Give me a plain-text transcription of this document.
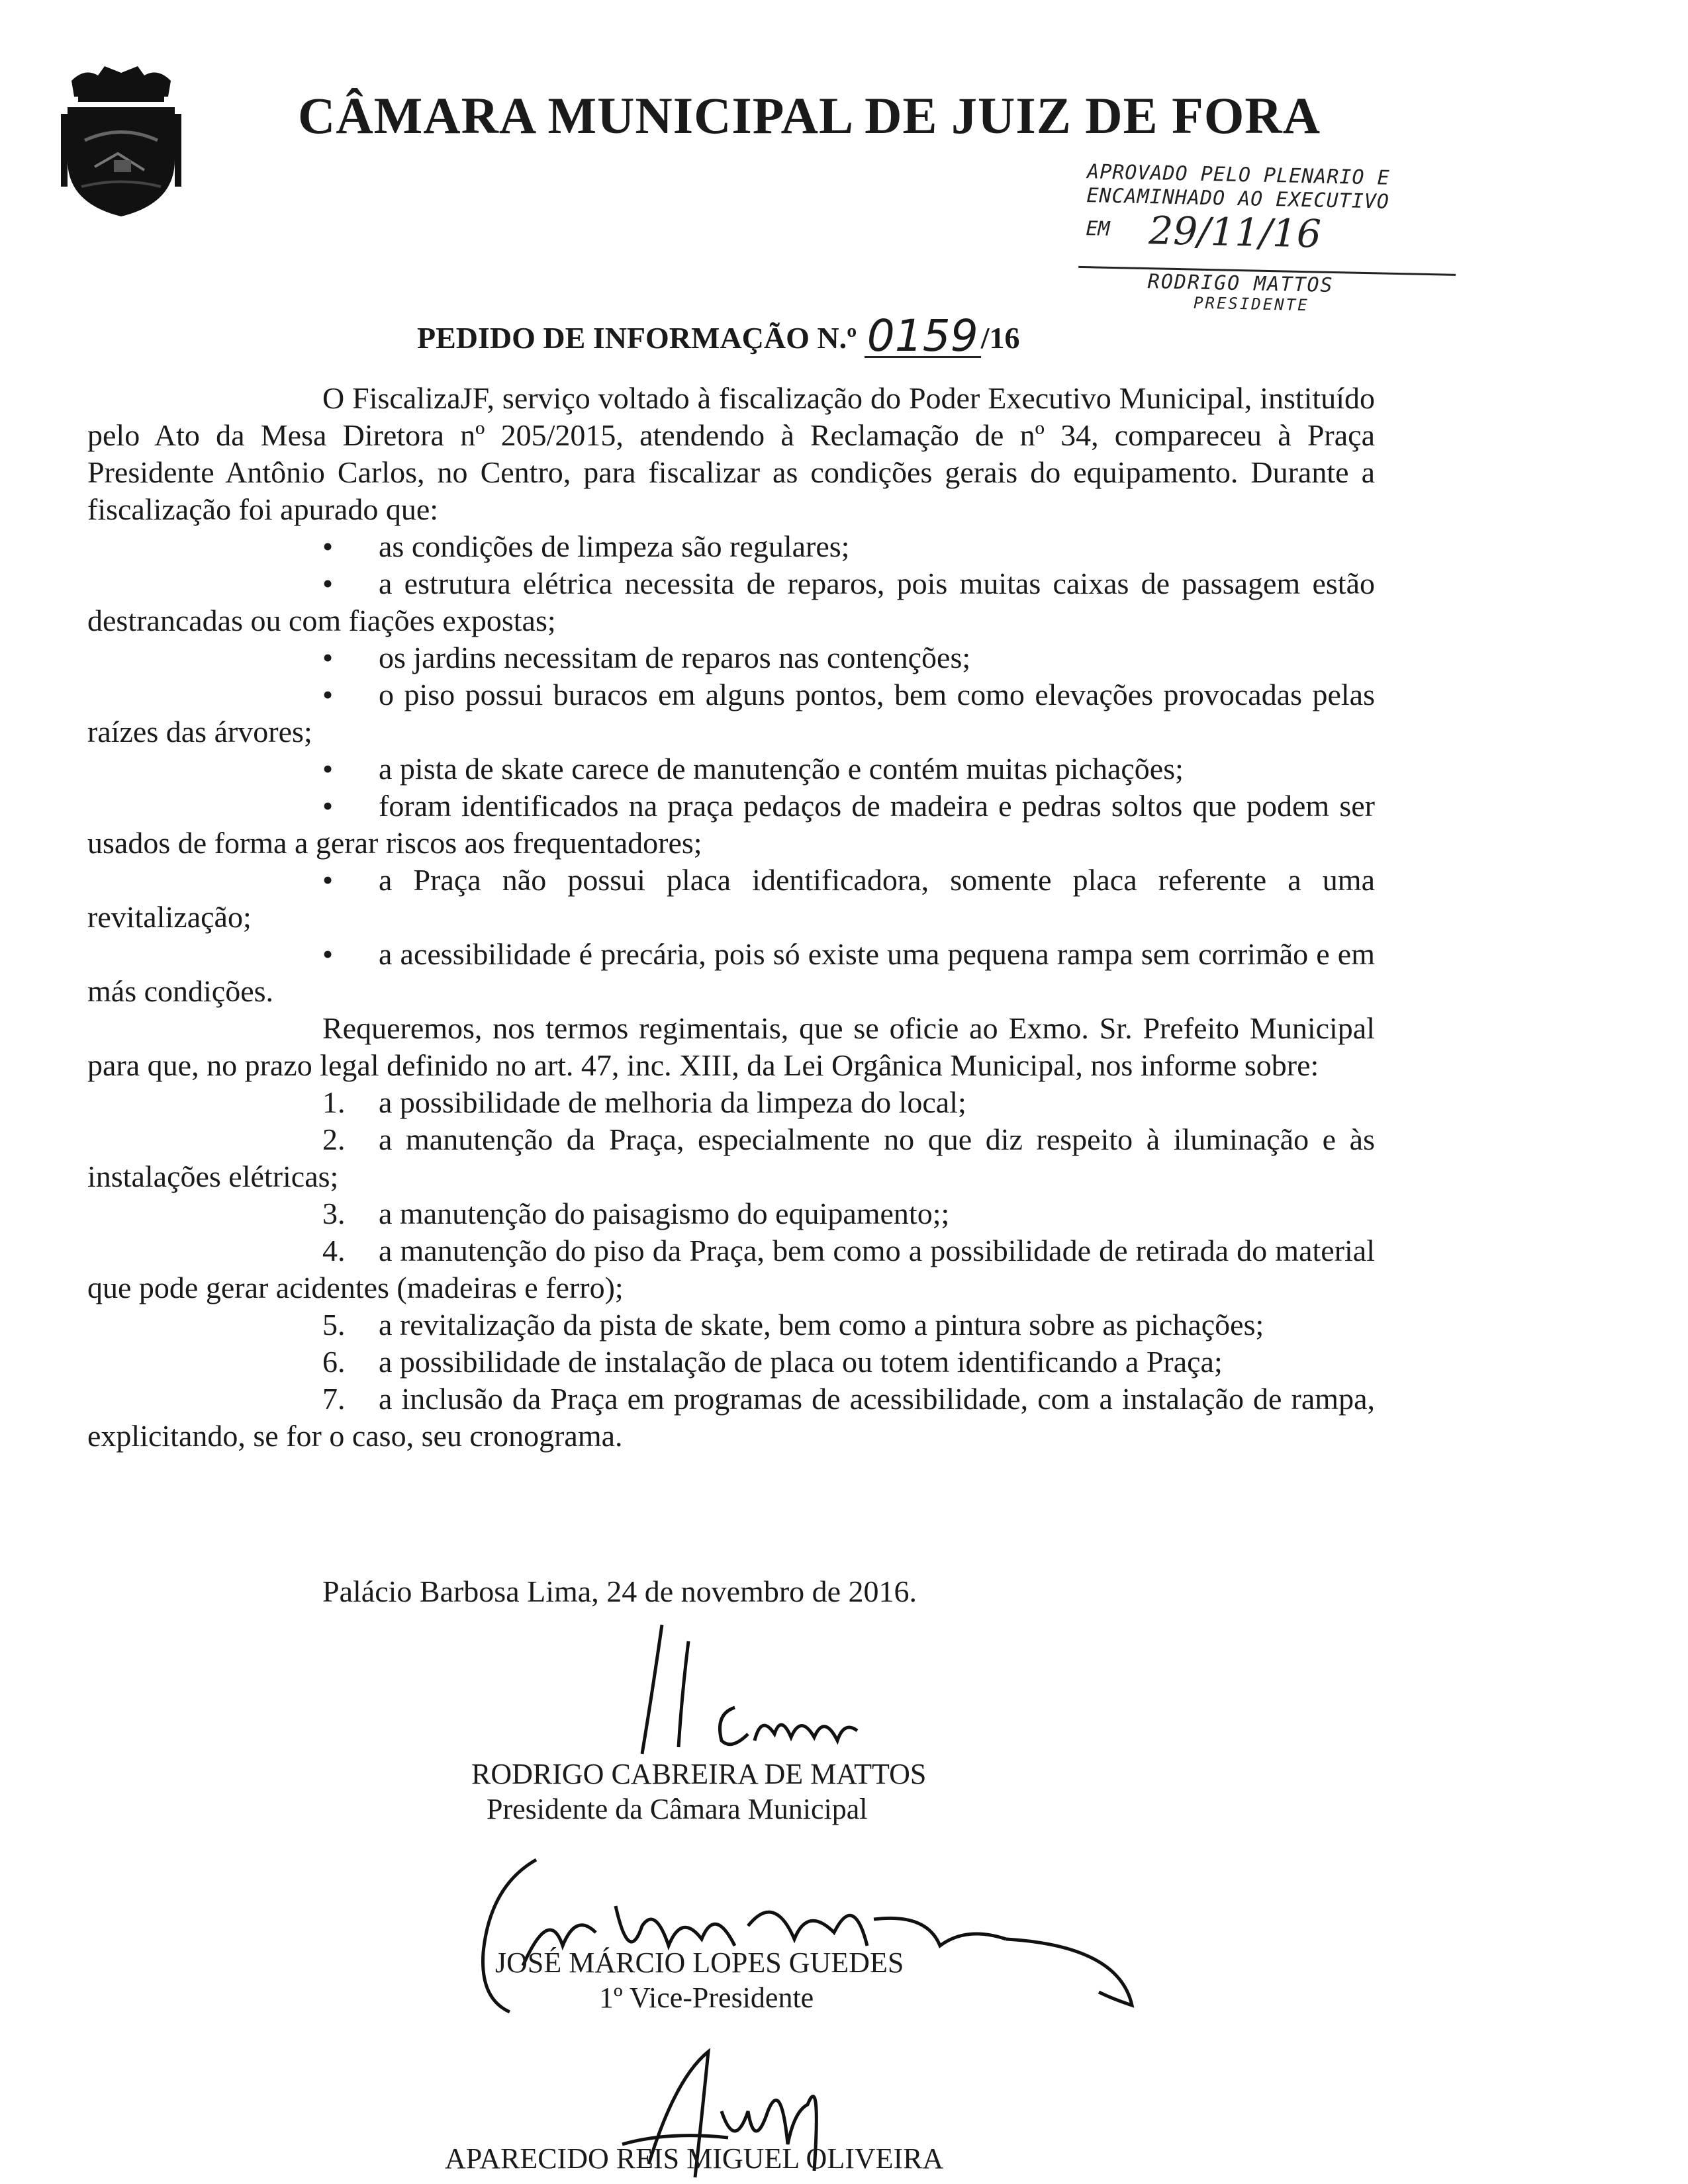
CÂMARA MUNICIPAL DE JUIZ DE FORA
APROVADO PELO PLENARIO E
ENCAMINHADO AO EXECUTIVO
EM 29/11/16
RODRIGO MATTOS
PRESIDENTE
PEDIDO DE INFORMAÇÃO N.º 0159/16

O FiscalizaJF, serviço voltado à fiscalização do Poder Executivo Municipal, instituído pelo Ato da Mesa Diretora nº 205/2015, atendendo à Reclamação de nº 34, compareceu à Praça Presidente Antônio Carlos, no Centro, para fiscalizar as condições gerais do equipamento. Durante a fiscalização foi apurado que:

• as condições de limpeza são regulares;

• a estrutura elétrica necessita de reparos, pois muitas caixas de passagem estão destrancadas ou com fiações expostas;

• os jardins necessitam de reparos nas contenções;

• o piso possui buracos em alguns pontos, bem como elevações provocadas pelas raízes das árvores;

• a pista de skate carece de manutenção e contém muitas pichações;

• foram identificados na praça pedaços de madeira e pedras soltos que podem ser usados de forma a gerar riscos aos frequentadores;

• a Praça não possui placa identificadora, somente placa referente a uma revitalização;

• a acessibilidade é precária, pois só existe uma pequena rampa sem corrimão e em más condições.

Requeremos, nos termos regimentais, que se oficie ao Exmo. Sr. Prefeito Municipal para que, no prazo legal definido no art. 47, inc. XIII, da Lei Orgânica Municipal, nos informe sobre:

1. a possibilidade de melhoria da limpeza do local;

2. a manutenção da Praça, especialmente no que diz respeito à iluminação e às instalações elétricas;

3. a manutenção do paisagismo do equipamento;;

4. a manutenção do piso da Praça, bem como a possibilidade de retirada do material que pode gerar acidentes (madeiras e ferro);

5. a revitalização da pista de skate, bem como a pintura sobre as pichações;

6. a possibilidade de instalação de placa ou totem identificando a Praça;

7. a inclusão da Praça em programas de acessibilidade, com a instalação de rampa, explicitando, se for o caso, seu cronograma.

Palácio Barbosa Lima, 24 de novembro de 2016.
RODRIGO CABREIRA DE MATTOS
Presidente da Câmara Municipal
JOSÉ MÁRCIO LOPES GUEDES
1º Vice-Presidente
APARECIDO REIS MIGUEL OLIVEIRA
